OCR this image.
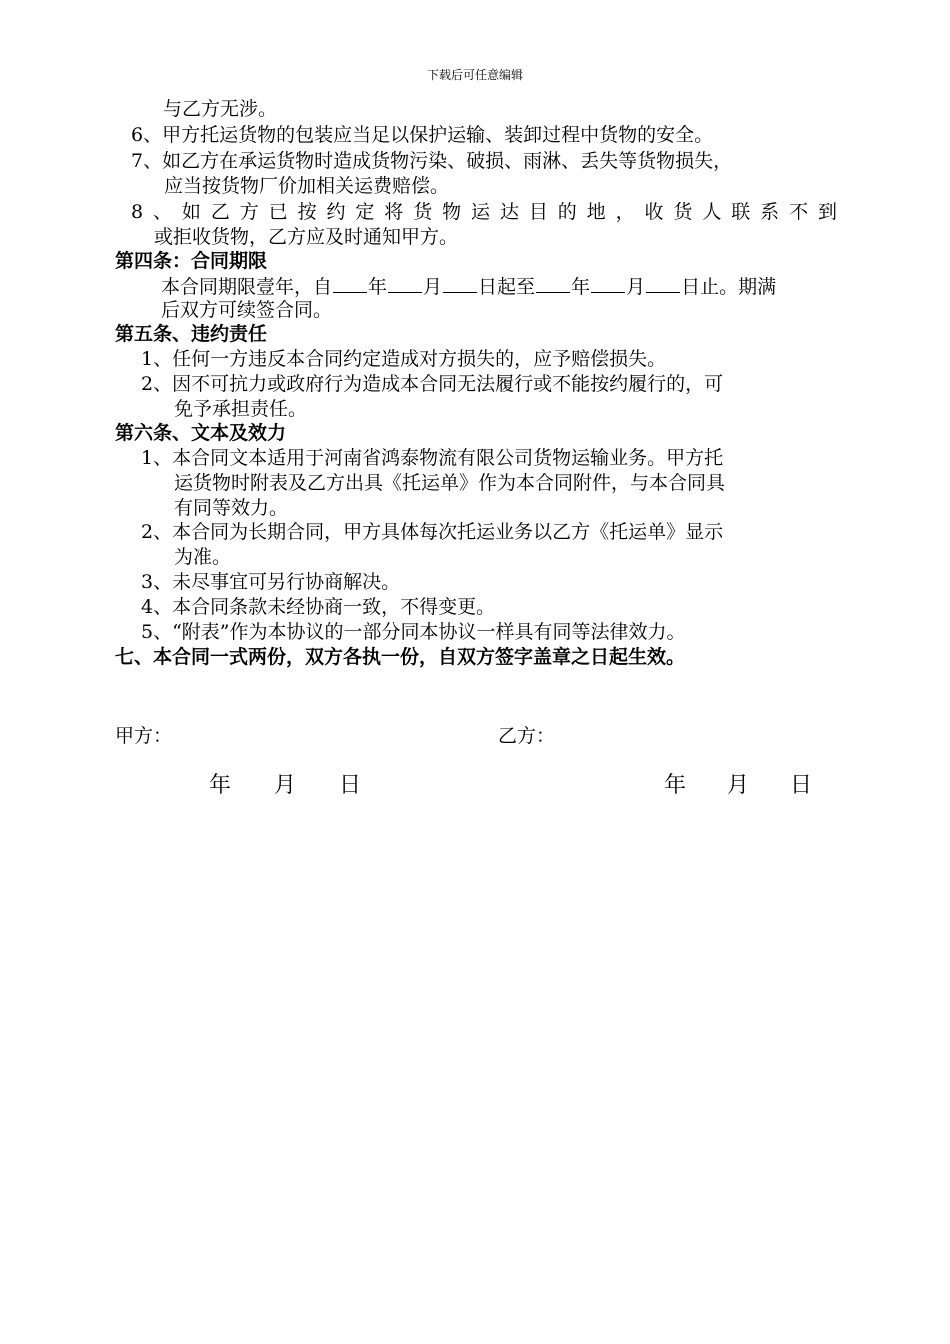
下载后可任意编辑
与乙方无涉。
6、甲方托运货物的包装应当足以保护运输、装卸过程中货物的安全。
7、如乙方在承运货物时造成货物污染、破损、雨淋、丢失等货物损失，
应当按货物厂价加相关运费赔偿。
8、如乙方已按约定将货物运达目的地，收货人联系不到
或拒收货物，乙方应及时通知甲方。
第四条：合同期限
本合同期限壹年，自 年 月 日起至 年 月 日止。期满
后双方可续签合同。
第五条、违约责任
1、任何一方违反本合同约定造成对方损失的，应予赔偿损失。
2、因不可抗力或政府行为造成本合同无法履行或不能按约履行的，可
免予承担责任。
第六条、文本及效力
1、本合同文本适用于河南省鸿泰物流有限公司货物运输业务。甲方托
运货物时附表及乙方出具《托运单》作为本合同附件，与本合同具
有同等效力。
2、本合同为长期合同，甲方具体每次托运业务以乙方《托运单》显示
为准。
3、未尽事宜可另行协商解决。
4、本合同条款未经协商一致，不得变更。
5、“附表”作为本协议的一部分同本协议一样具有同等法律效力。
七、本合同一式两份，双方各执一份，自双方签字盖章之日起生效。
甲方：	乙方：
年 月 日	年 月 日
